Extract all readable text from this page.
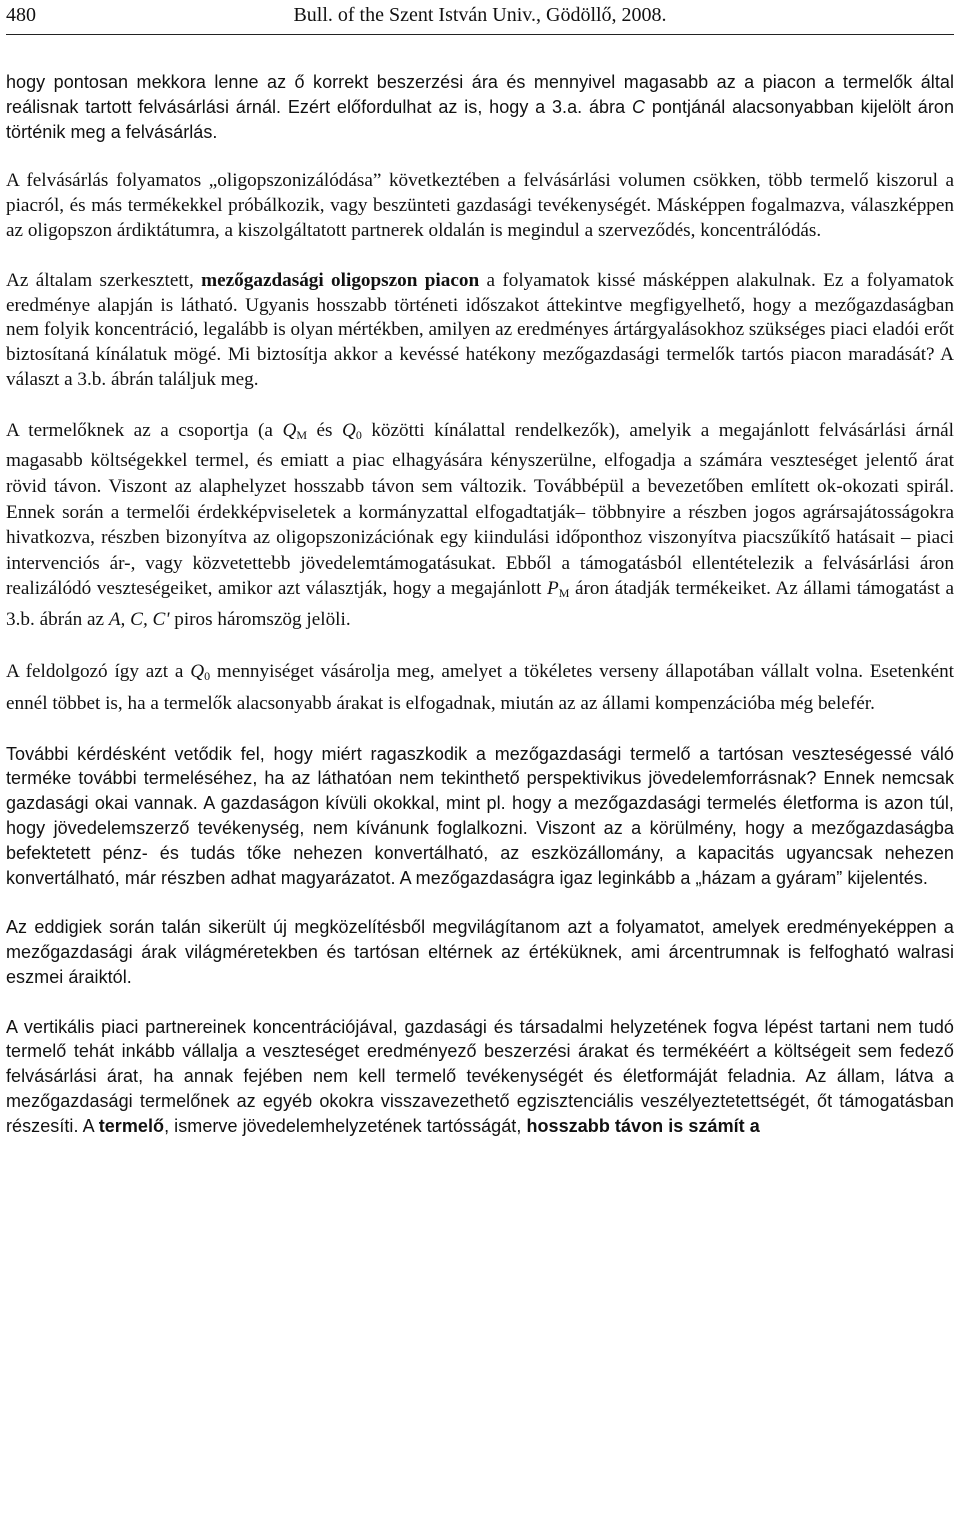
480	Bull. of the Szent István Univ., Gödöllő, 2008.

hogy pontosan mekkora lenne az ő korrekt beszerzési ára és mennyivel magasabb az a piacon a termelők által reálisnak tartott felvásárlási árnál. Ezért előfordulhat az is, hogy a 3.a. ábra C pontjánál alacsonyabban kijelölt áron történik meg a felvásárlás.

A felvásárlás folyamatos „oligopszonizálódása” következtében a felvásárlási volumen csökken, több termelő kiszorul a piacról, és más termékekkel próbálkozik, vagy beszünteti gazdasági tevékenységét. Másképpen fogalmazva, válaszképpen az oligopszon árdiktátumra, a kiszolgáltatott partnerek oldalán is megindul a szerveződés, koncentrálódás.

Az általam szerkesztett, mezőgazdasági oligopszon piacon a folyamatok kissé másképpen alakulnak. Ez a folyamatok eredménye alapján is látható. Ugyanis hosszabb történeti időszakot áttekintve megfigyelhető, hogy a mezőgazdaságban nem folyik koncentráció, legalább is olyan mértékben, amilyen az eredményes ártárgyalásokhoz szükséges piaci eladói erőt biztosítaná kínálatuk mögé. Mi biztosítja akkor a kevéssé hatékony mezőgazdasági termelők tartós piacon maradását? A választ a 3.b. ábrán találjuk meg.

A termelőknek az a csoportja (a $Q_M$ és $Q_0$ közötti kínálattal rendelkezők), amelyik a megajánlott felvásárlási árnál magasabb költségekkel termel, és emiatt a piac elhagyására kényszerülne, elfogadja a számára veszteséget jelentő árat rövid távon. Viszont az alaphelyzet hosszabb távon sem változik. Továbbépül a bevezetőben említett ok-okozati spirál. Ennek során a termelői érdekképviseletek a kormányzattal elfogadtatják– többnyire a részben jogos agrársajátosságokra hivatkozva, részben bizonyítva az oligopszonizációnak egy kiindulási időponthoz viszonyítva piacszűkítő hatásait – piaci intervenciós ár-, vagy közvetettebb jövedelemtámogatásukat. Ebből a támogatásból ellentételezik a felvásárlási áron realizálódó veszteségeiket, amikor azt választják, hogy a megajánlott $P_M$ áron átadják termékeiket. Az állami támogatást a 3.b. ábrán az A, C, C' piros háromszög jelöli.

A feldolgozó így azt a $Q_0$ mennyiséget vásárolja meg, amelyet a tökéletes verseny állapotában vállalt volna. Esetenként ennél többet is, ha a termelők alacsonyabb árakat is elfogadnak, miután az az állami kompenzációba még belefér.

További kérdésként vetődik fel, hogy miért ragaszkodik a mezőgazdasági termelő a tartósan veszteségessé váló terméke további termeléséhez, ha az láthatóan nem tekinthető perspektivikus jövedelemforrásnak? Ennek nemcsak gazdasági okai vannak. A gazdaságon kívüli okokkal, mint pl. hogy a mezőgazdasági termelés életforma is azon túl, hogy jövedelemszerző tevékenység, nem kívánunk foglalkozni. Viszont az a körülmény, hogy a mezőgazdaságba befektetett pénz- és tudás tőke nehezen konvertálható, az eszközállomány, a kapacitás ugyancsak nehezen konvertálható, már részben adhat magyarázatot. A mezőgazdaságra igaz leginkább a „házam a gyáram” kijelentés.

Az eddigiek során talán sikerült új megközelítésből megvilágítanom azt a folyamatot, amelyek eredményeképpen a mezőgazdasági árak világméretekben és tartósan eltérnek az értéküknek, ami árcentrumnak is felfogható walrasi eszmei áraiktól.

A vertikális piaci partnereinek koncentrációjával, gazdasági és társadalmi helyzetének fogva lépést tartani nem tudó termelő tehát inkább vállalja a veszteséget eredményező beszerzési árakat és termékéért a költségeit sem fedező felvásárlási árat, ha annak fejében nem kell termelő tevékenységét és életformáját feladnia. Az állam, látva a mezőgazdasági termelőnek az egyéb okokra visszavezethető egzisztenciális veszélyeztetettségét, őt támogatásban részesíti. A termelő, ismerve jövedelemhelyzetének tartósságát, hosszabb távon is számít a
